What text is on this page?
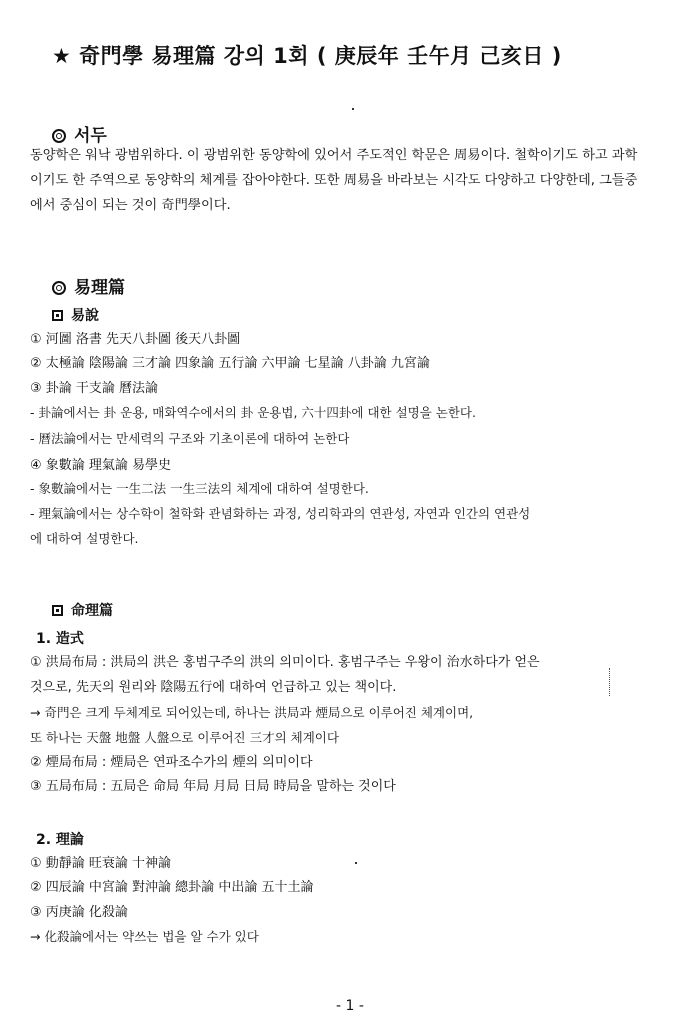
★ 奇門學 易理篇 강의 1회 ( 庚辰年 壬午月 己亥日 )
서두
동양학은 워낙 광범위하다. 이 광범위한 동양학에 있어서 주도적인 학문은 周易이다. 철학이기도 하고 과학이기도 한 주역으로 동양학의 체계를 잡아야한다. 또한 周易을 바라보는 시각도 다양하고 다양한데, 그들중에서 중심이 되는 것이 奇門學이다.
易理篇
易說
① 河圖 洛書 先天八卦圖 後天八卦圖
② 太極論 陰陽論 三才論 四象論 五行論 六甲論 七星論 八卦論 九宮論
③ 卦論 干支論 曆法論
- 卦論에서는 卦 운용, 매화역수에서의 卦 운용법, 六十四卦에 대한 설명을 논한다.
- 曆法論에서는 만세력의 구조와 기초이론에 대하여 논한다
④ 象數論 理氣論 易學史
- 象數論에서는 一生二法 一生三法의 체계에 대하여 설명한다.
- 理氣論에서는 상수학이 철학화 관념화하는 과정, 성리학과의 연관성, 자연과 인간의 연관성
에 대하여 설명한다.
命理篇
1. 造式
① 洪局布局 : 洪局의 洪은 홍범구주의 洪의 의미이다. 홍범구주는 우왕이 治水하다가 얻은
것으로, 先天의 원리와 陰陽五行에 대하여 언급하고 있는 책이다.
→ 奇門은 크게 두체계로 되어있는데, 하나는 洪局과 煙局으로 이루어진 체계이며,
또 하나는 天盤 地盤 人盤으로 이루어진 三才의 체계이다
② 煙局布局 : 煙局은 연파조수가의 煙의 의미이다
③ 五局布局 : 五局은 命局 年局 月局 日局 時局을 말하는 것이다
2. 理論
① 動靜論 旺衰論 十神論
② 四辰論 中宮論 對沖論 總卦論 中出論 五十土論
③ 丙庚論 化殺論
→ 化殺論에서는 약쓰는 법을 알 수가 있다
- 1 -
